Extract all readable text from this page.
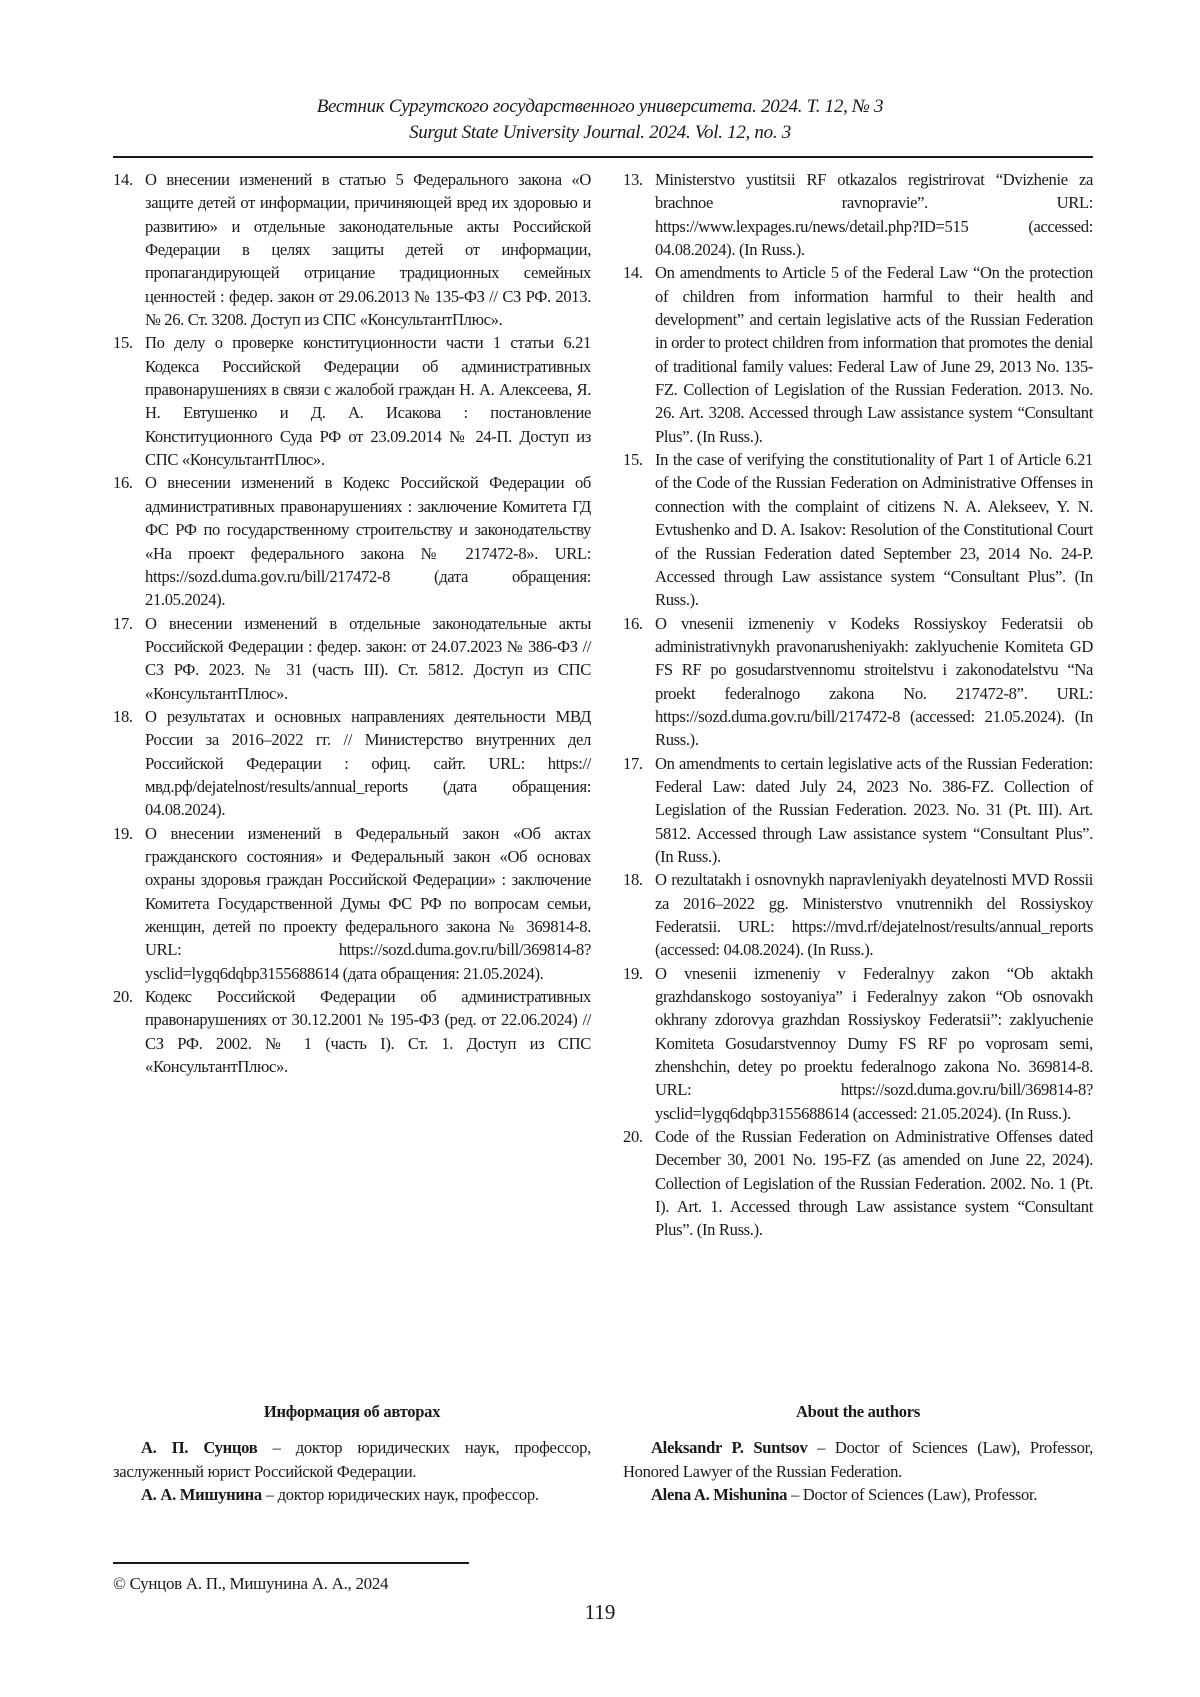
Вестник Сургутского государственного университета. 2024. Т. 12, № 3
Surgut State University Journal. 2024. Vol. 12, no. 3
14. О внесении изменений в статью 5 Федерального закона «О защите детей от информации, причиняющей вред их здоровью и развитию» и отдельные законодательные акты Российской Федерации в целях защиты детей от информации, пропагандирующей отрицание традиционных семейных ценностей : федер. закон от 29.06.2013 № 135-ФЗ // СЗ РФ. 2013. № 26. Ст. 3208. Доступ из СПС «КонсультантПлюс».
15. По делу о проверке конституционности части 1 статьи 6.21 Кодекса Российской Федерации об административных правонарушениях в связи с жалобой граждан Н. А. Алексеева, Я. Н. Евтушенко и Д. А. Исакова : постановление Конституционного Суда РФ от 23.09.2014 № 24-П. Доступ из СПС «КонсультантПлюс».
16. О внесении изменений в Кодекс Российской Федерации об административных правонарушениях : заключение Комитета ГД ФС РФ по государственному строительству и законодательству «На проект федерального закона № 217472-8». URL: https://sozd.duma.gov.ru/bill/217472-8 (дата обращения: 21.05.2024).
17. О внесении изменений в отдельные законодательные акты Российской Федерации : федер. закон: от 24.07.2023 № 386-ФЗ // СЗ РФ. 2023. № 31 (часть III). Ст. 5812. Доступ из СПС «КонсультантПлюс».
18. О результатах и основных направлениях деятельности МВД России за 2016–2022 гг. // Министерство внутренних дел Российской Федерации : офиц. сайт. URL: https://мвд.рф/dejatelnost/results/annual_reports (дата обращения: 04.08.2024).
19. О внесении изменений в Федеральный закон «Об актах гражданского состояния» и Федеральный закон «Об основах охраны здоровья граждан Российской Федерации» : заключение Комитета Государственной Думы ФС РФ по вопросам семьи, женщин, детей по проекту федерального закона № 369814-8. URL: https://sozd.duma.gov.ru/bill/369814-8?ysclid=lygq6dqbp3155688614 (дата обращения: 21.05.2024).
20. Кодекс Российской Федерации об административных правонарушениях от 30.12.2001 № 195-ФЗ (ред. от 22.06.2024) // СЗ РФ. 2002. № 1 (часть I). Ст. 1. Доступ из СПС «КонсультантПлюс».
13. Ministerstvo yustitsii RF otkazalos registrirovat “Dvizhenie za brachnoe ravnopravie”. URL: https://www.lexpages.ru/news/detail.php?ID=515 (accessed: 04.08.2024). (In Russ.).
14. On amendments to Article 5 of the Federal Law “On the protection of children from information harmful to their health and development” and certain legislative acts of the Russian Federation in order to protect children from information that promotes the denial of traditional family values: Federal Law of June 29, 2013 No. 135-FZ. Collection of Legislation of the Russian Federation. 2013. No. 26. Art. 3208. Accessed through Law assistance system “Consultant Plus”. (In Russ.).
15. In the case of verifying the constitutionality of Part 1 of Article 6.21 of the Code of the Russian Federation on Administrative Offenses in connection with the complaint of citizens N. A. Alekseev, Y. N. Evtushenko and D. A. Isakov: Resolution of the Constitutional Court of the Russian Federation dated September 23, 2014 No. 24-P. Accessed through Law assistance system “Consultant Plus”. (In Russ.).
16. O vnesenii izmeneniy v Kodeks Rossiyskoy Federatsii ob administrativnykh pravonarusheniyakh: zaklyuchenie Komiteta GD FS RF po gosudarstvennomu stroitelstvu i zakonodatelstvu “Na proekt federalnogo zakona No. 217472-8”. URL: https://sozd.duma.gov.ru/bill/217472-8 (accessed: 21.05.2024). (In Russ.).
17. On amendments to certain legislative acts of the Russian Federation: Federal Law: dated July 24, 2023 No. 386-FZ. Collection of Legislation of the Russian Federation. 2023. No. 31 (Pt. III). Art. 5812. Accessed through Law assistance system “Consultant Plus”. (In Russ.).
18. O rezultatakh i osnovnykh napravleniyakh deyatelnosti MVD Rossii za 2016–2022 gg. Ministerstvo vnutrennikh del Rossiyskoy Federatsii. URL: https://mvd.rf/dejatelnost/results/annual_reports (accessed: 04.08.2024). (In Russ.).
19. O vnesenii izmeneniy v Federalnyy zakon “Ob aktakh grazhdanskogo sostoyaniya” i Federalnyy zakon “Ob osnovakh okhrany zdorovya grazhdan Rossiyskoy Federatsii”: zaklyuchenie Komiteta Gosudarstvennoy Dumy FS RF po voprosam semi, zhenshchin, detey po proektu federalnogo zakona No. 369814-8. URL: https://sozd.duma.gov.ru/bill/369814-8?ysclid=lygq6dqbp3155688614 (accessed: 21.05.2024). (In Russ.).
20. Code of the Russian Federation on Administrative Offenses dated December 30, 2001 No. 195-FZ (as amended on June 22, 2024). Collection of Legislation of the Russian Federation. 2002. No. 1 (Pt. I). Art. 1. Accessed through Law assistance system “Consultant Plus”. (In Russ.).
Информация об авторах

А. П. Сунцов – доктор юридических наук, профессор, заслуженный юрист Российской Федерации.

А. А. Мишунина – доктор юридических наук, профессор.

About the authors

Aleksandr P. Suntsov – Doctor of Sciences (Law), Professor, Honored Lawyer of the Russian Federation.

Alena A. Mishunina – Doctor of Sciences (Law), Professor.

© Сунцов А. П., Мишунина А. А., 2024
119
